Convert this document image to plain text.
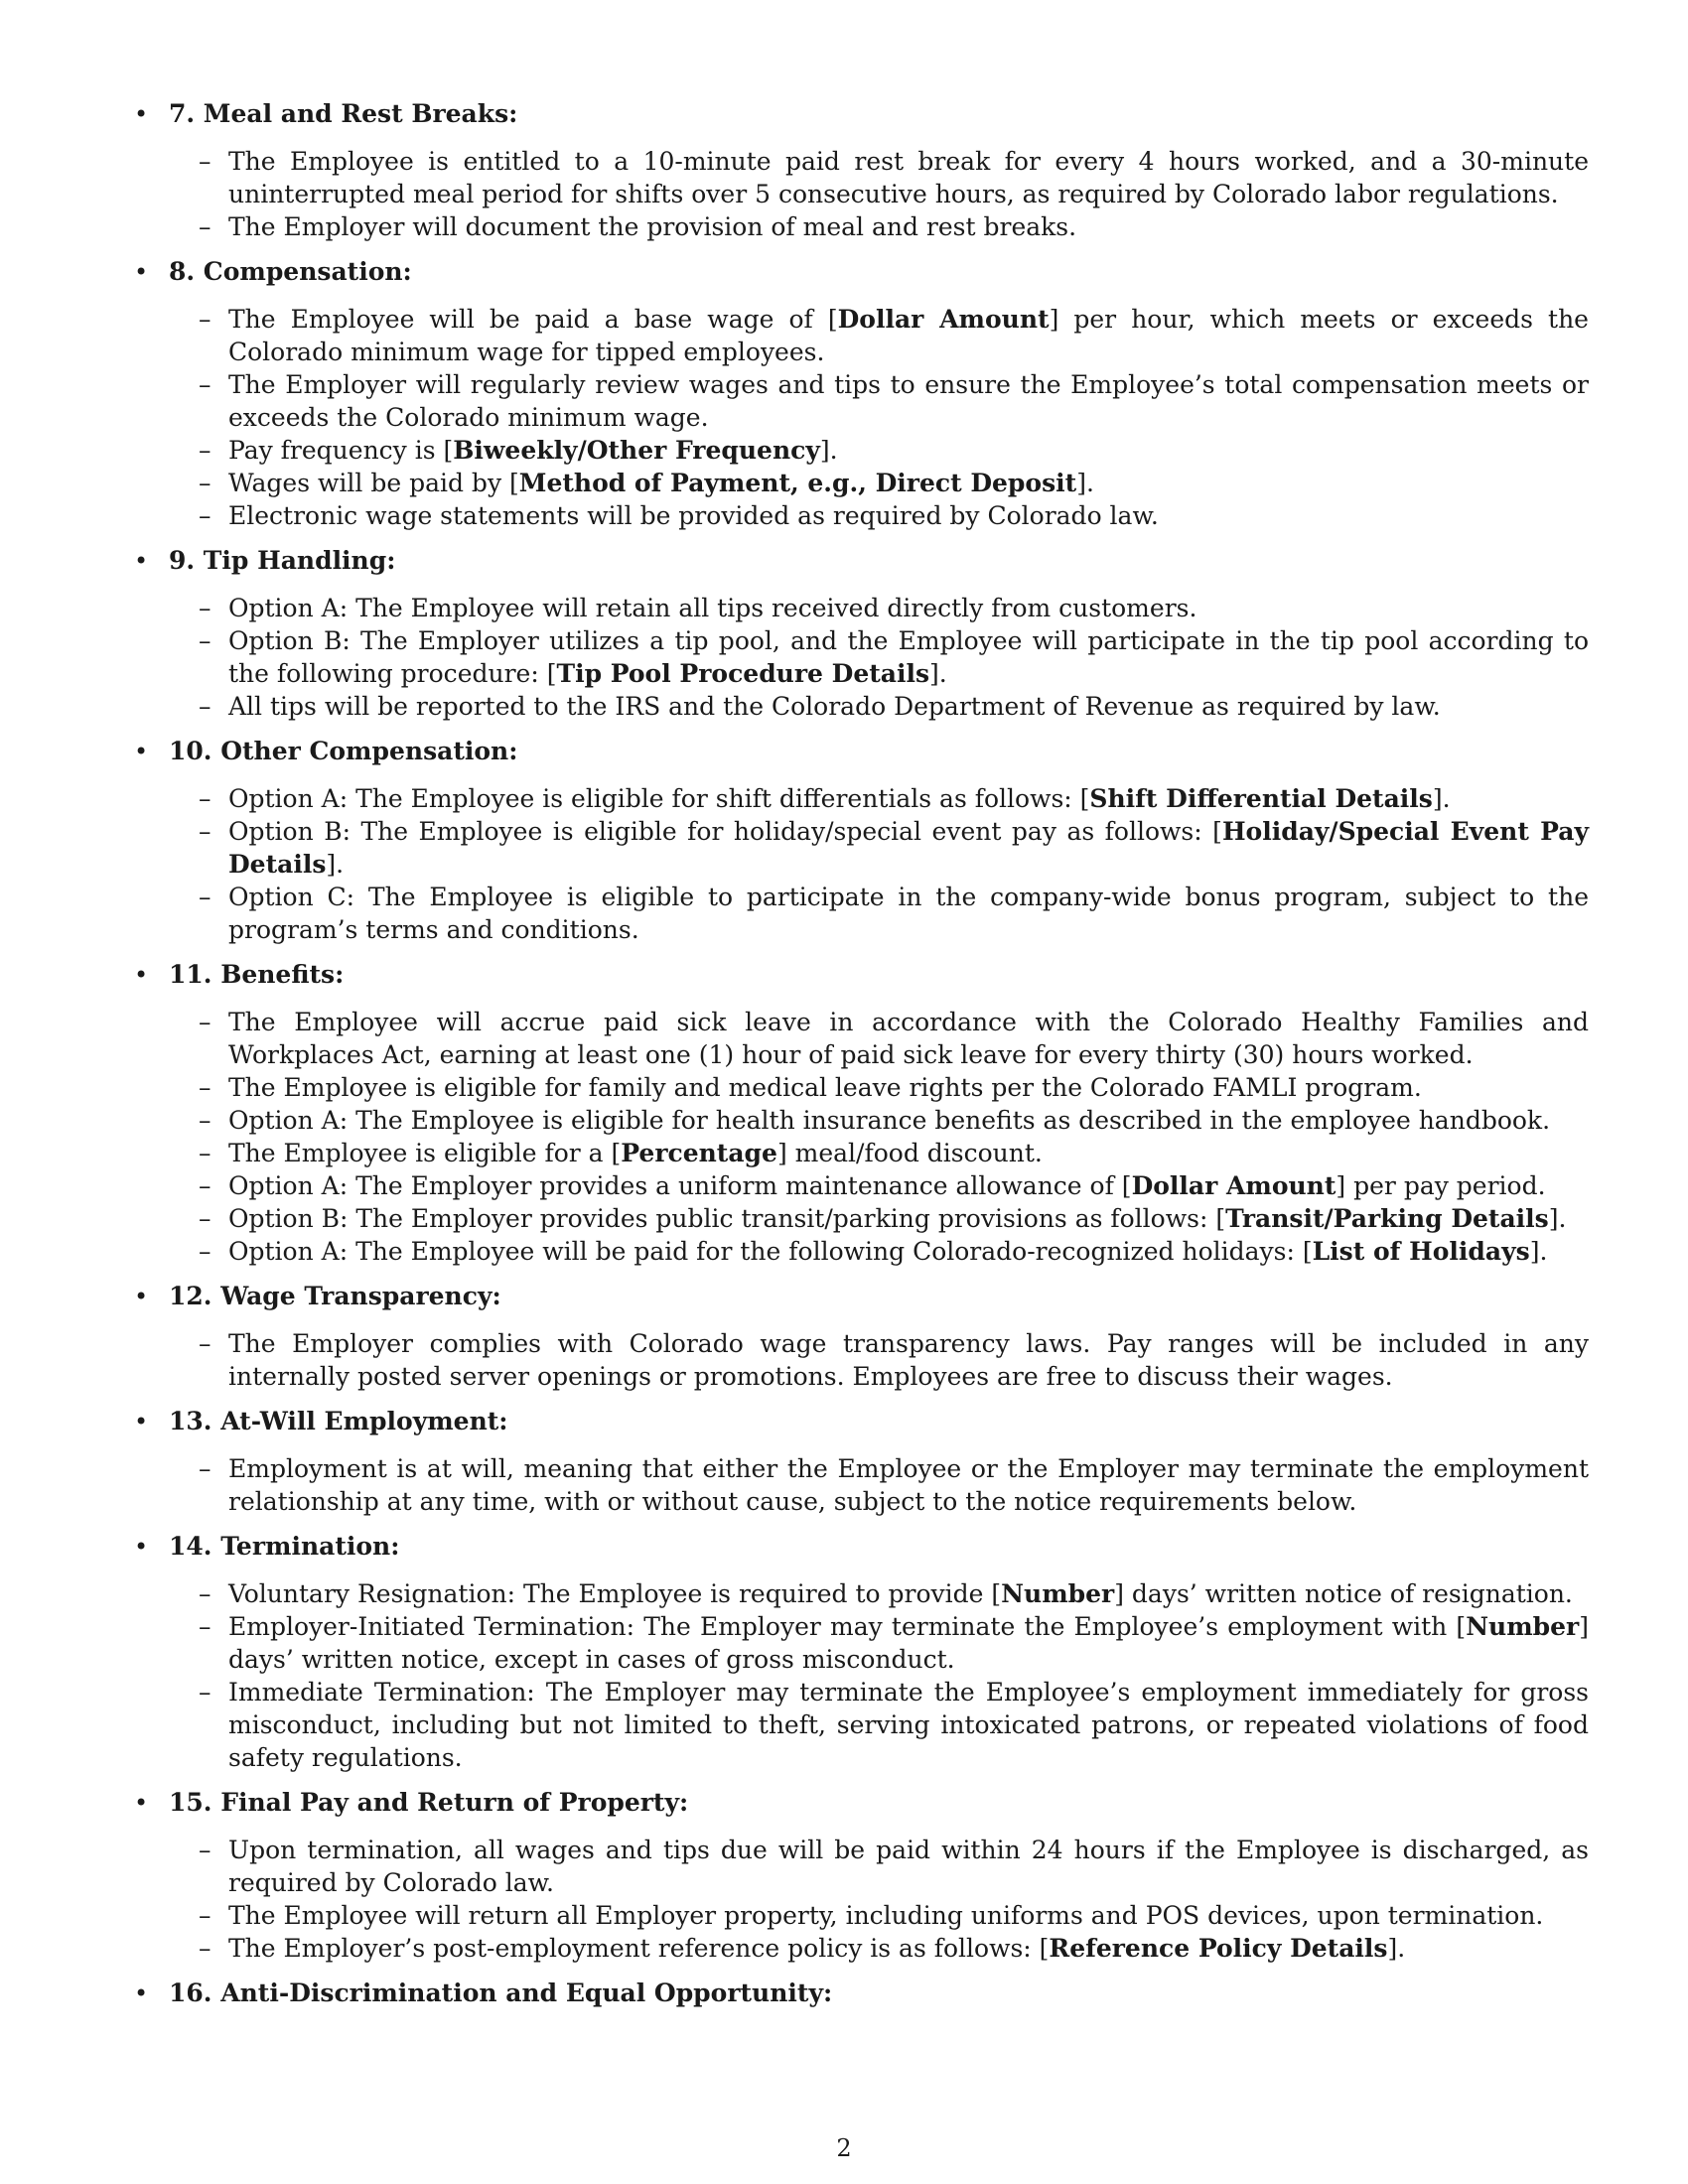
• 7. Meal and Rest Breaks:
– The Employee is entitled to a 10-minute paid rest break for every 4 hours worked, and a 30-minute uninterrupted meal period for shifts over 5 consecutive hours, as required by Colorado labor regulations.
– The Employer will document the provision of meal and rest breaks.
• 8. Compensation:
– The Employee will be paid a base wage of [Dollar Amount] per hour, which meets or exceeds the Colorado minimum wage for tipped employees.
– The Employer will regularly review wages and tips to ensure the Employee’s total compensation meets or exceeds the Colorado minimum wage.
– Pay frequency is [Biweekly/Other Frequency].
– Wages will be paid by [Method of Payment, e.g., Direct Deposit].
– Electronic wage statements will be provided as required by Colorado law.
• 9. Tip Handling:
– Option A: The Employee will retain all tips received directly from customers.
– Option B: The Employer utilizes a tip pool, and the Employee will participate in the tip pool according to the following procedure: [Tip Pool Procedure Details].
– All tips will be reported to the IRS and the Colorado Department of Revenue as required by law.
• 10. Other Compensation:
– Option A: The Employee is eligible for shift differentials as follows: [Shift Differential Details].
– Option B: The Employee is eligible for holiday/special event pay as follows: [Holiday/Special Event Pay Details].
– Option C: The Employee is eligible to participate in the company-wide bonus program, subject to the program’s terms and conditions.
• 11. Benefits:
– The Employee will accrue paid sick leave in accordance with the Colorado Healthy Families and Workplaces Act, earning at least one (1) hour of paid sick leave for every thirty (30) hours worked.
– The Employee is eligible for family and medical leave rights per the Colorado FAMLI program.
– Option A: The Employee is eligible for health insurance benefits as described in the employee handbook.
– The Employee is eligible for a [Percentage] meal/food discount.
– Option A: The Employer provides a uniform maintenance allowance of [Dollar Amount] per pay period.
– Option B: The Employer provides public transit/parking provisions as follows: [Transit/Parking Details].
– Option A: The Employee will be paid for the following Colorado-recognized holidays: [List of Holidays].
• 12. Wage Transparency:
– The Employer complies with Colorado wage transparency laws. Pay ranges will be included in any internally posted server openings or promotions. Employees are free to discuss their wages.
• 13. At-Will Employment:
– Employment is at will, meaning that either the Employee or the Employer may terminate the employment relationship at any time, with or without cause, subject to the notice requirements below.
• 14. Termination:
– Voluntary Resignation: The Employee is required to provide [Number] days’ written notice of resignation.
– Employer-Initiated Termination: The Employer may terminate the Employee’s employment with [Number] days’ written notice, except in cases of gross misconduct.
– Immediate Termination: The Employer may terminate the Employee’s employment immediately for gross misconduct, including but not limited to theft, serving intoxicated patrons, or repeated violations of food safety regulations.
• 15. Final Pay and Return of Property:
– Upon termination, all wages and tips due will be paid within 24 hours if the Employee is discharged, as required by Colorado law.
– The Employee will return all Employer property, including uniforms and POS devices, upon termination.
– The Employer’s post-employment reference policy is as follows: [Reference Policy Details].
• 16. Anti-Discrimination and Equal Opportunity:
2
